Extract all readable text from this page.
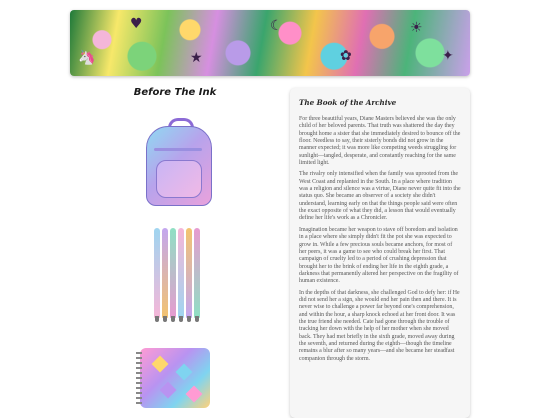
🦄
♥
★
☾
✿
☀
✦
Before The Ink
The Book of the Archive

For three beautiful years, Diane Masters believed she was the only child of her beloved parents. That truth was shattered the day they brought home a sister that she immediately desired to bounce off the floor. Needless to say, their sisterly bonds did not grow in the manner expected; it was more like competing weeds struggling for sunlight—tangled, desperate, and constantly reaching for the same limited light.

The rivalry only intensified when the family was uprooted from the West Coast and replanted in the South. In a place where tradition was a religion and silence was a virtue, Diane never quite fit into the status quo. She became an observer of a society she didn't understand, learning early on that the things people said were often the exact opposite of what they did, a lesson that would eventually define her life's work as a Chronicler.

Imagination became her weapon to stave off boredom and isolation in a place where she simply didn't fit the pot she was expected to grow in. While a few precious souls became anchors, for most of her peers, it was a game to see who could break her first. That campaign of cruelty led to a period of crushing depression that brought her to the brink of ending her life in the eighth grade, a darkness that permanently altered her perspective on the fragility of human existence.

In the depths of that darkness, she challenged God to defy her: if He did not send her a sign, she would end her pain then and there. It is never wise to challenge a power far beyond one's comprehension, and within the hour, a sharp knock echoed at her front door. It was the true friend she needed. Cate had gone through the trouble of tracking her down with the help of her mother when she moved back. They had met briefly in the sixth grade, moved away during the seventh, and returned during the eighth—though the timeline remains a blur after so many years—and she became her steadfast companion through the storm.
